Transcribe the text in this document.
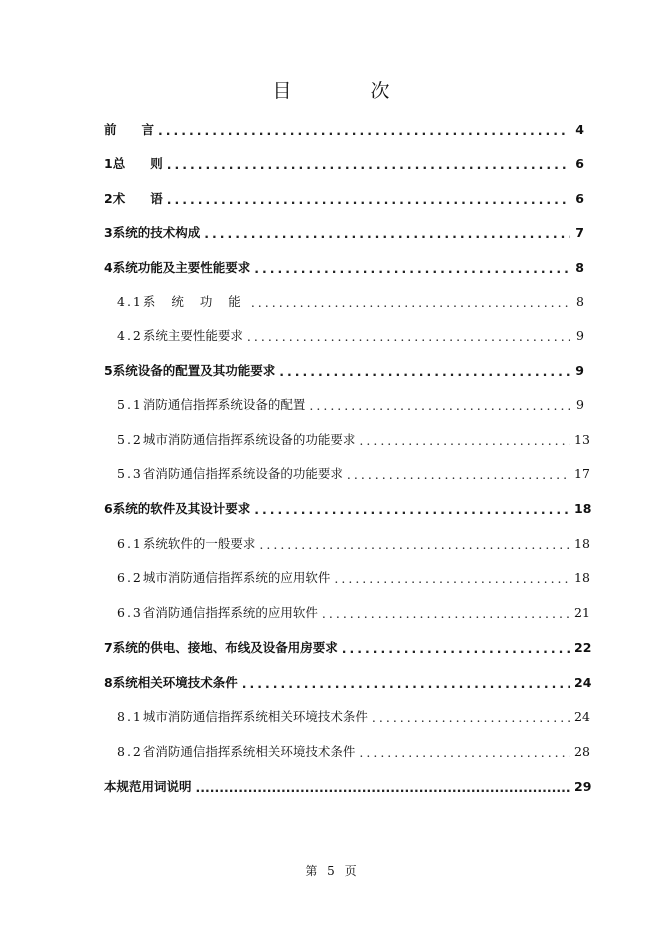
目　次
前　　言 .....	4
1 总　　则 .....	6
2 术　　语 .....	6
3 系统的技术构成 .....	7
4 系统功能及主要性能要求 .....	8
4.1 系 统 功 能 .....	8
4.2 系统主要性能要求 .....	9
5 系统设备的配置及其功能要求 .....	9
5.1 消防通信指挥系统设备的配置 .....	9
5.2 城市消防通信指挥系统设备的功能要求 .....	13
5.3 省消防通信指挥系统设备的功能要求 .....	17
6 系统的软件及其设计要求 .....	18
6.1 系统软件的一般要求 .....	18
6.2 城市消防通信指挥系统的应用软件 .....	18
6.3 省消防通信指挥系统的应用软件 .....	21
7 系统的供电、接地、布线及设备用房要求 .....	22
8 系统相关环境技术条件 .....	24
8.1 城市消防通信指挥系统相关环境技术条件 .....	24
8.2 省消防通信指挥系统相关环境技术条件 .....	28
本规范用词说明 .....	29
第 5 页
